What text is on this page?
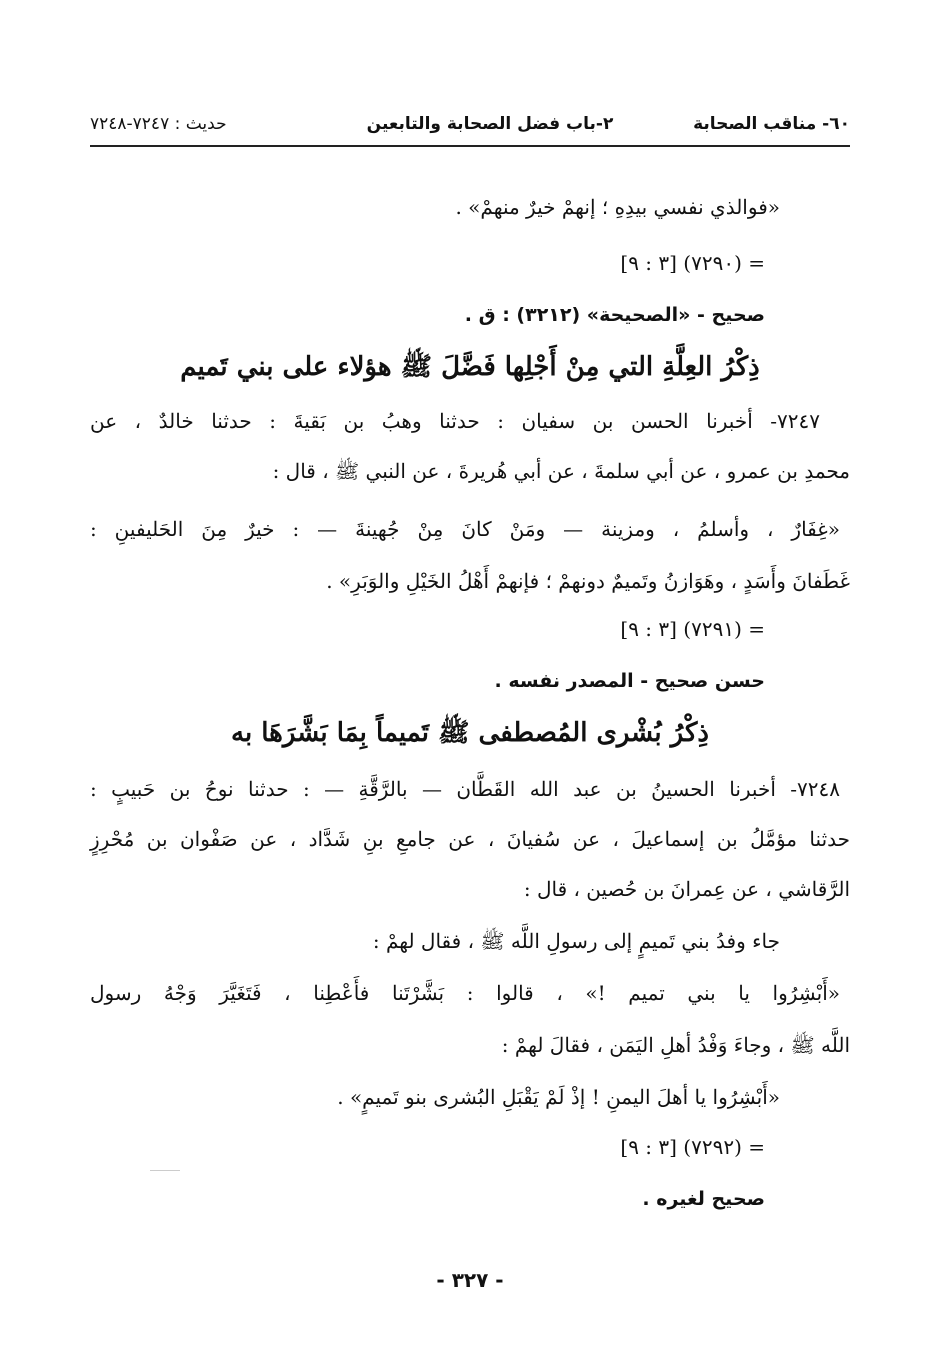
٦٠- مناقب الصحابة
٢-باب فضل الصحابة والتابعين
حديث : ٧٢٤٧-٧٢٤٨
«فوالذي نفسي بيدِهِ ؛ إنهمْ خيرٌ منهمْ» .
= (٧٢٩٠) [٣ : ٩]
صحيح - «الصحيحة» (٣٢١٢) : ق .
ذِكْرُ العِلَّةِ التي مِنْ أَجْلِها فَضَّلَ ﷺ هؤلاء على بني تَميم
٧٢٤٧- أخبرنا الحسن بن سفيان : حدثنا وهبُ بن بَقيةَ : حدثنا خالدٌ ، عن
محمدِ بن عمرو ، عن أبي سلمةَ ، عن أبي هُريرةَ ، عن النبي ﷺ ، قال :
«غِفَارٌ ، وأسلمُ ، ومزينة — ومَنْ كانَ مِنْ جُهينةَ — : خيرٌ مِنَ الحَليفينِ :
غَطَفانَ وأَسَدٍ ، وهَوَازنُ وتَميمٌ دونهمْ ؛ فإنهمْ أَهْلُ الخَيْلِ والوَبَرِ» .
= (٧٢٩١) [٣ : ٩]
حسن صحيح - المصدر نفسه .
ذِكْرُ بُشْرى المُصطفى ﷺ تَميماً بِمَا بَشَّرَهَا به
٧٢٤٨- أخبرنا الحسينُ بن عبد الله القَطَّان — بالرَّقَّةِ — : حدثنا نوحُ بن حَبيبٍ :
حدثنا مؤمَّلُ بن إسماعيلَ ، عن سُفيانَ ، عن جامعِ بنِ شَدَّاد ، عن صَفْوان بن مُحْرِزٍ
الرَّقاشي ، عن عِمرانَ بن حُصين ، قال :
جاء وفدُ بني تَميمٍ إلى رسولِ اللَّه ﷺ ، فقال لهمْ :
«أَبْشِرُوا يا بني تميم !» ، قالوا : بَشَّرْتَنا فأَعْطِنا ، فَتَغَيَّرَ وَجْهُ رسول
اللَّه ﷺ ، وجاءَ وَفْدُ أهلِ اليَمَن ، فقالَ لهمْ :
«أَبْشِرُوا يا أهلَ اليمنِ ! إذْ لَمْ يَقْبَلِ البُشرى بنو تَميمٍ» .
= (٧٢٩٢) [٣ : ٩]
صحيح لغيره .
- ٣٢٧ -
